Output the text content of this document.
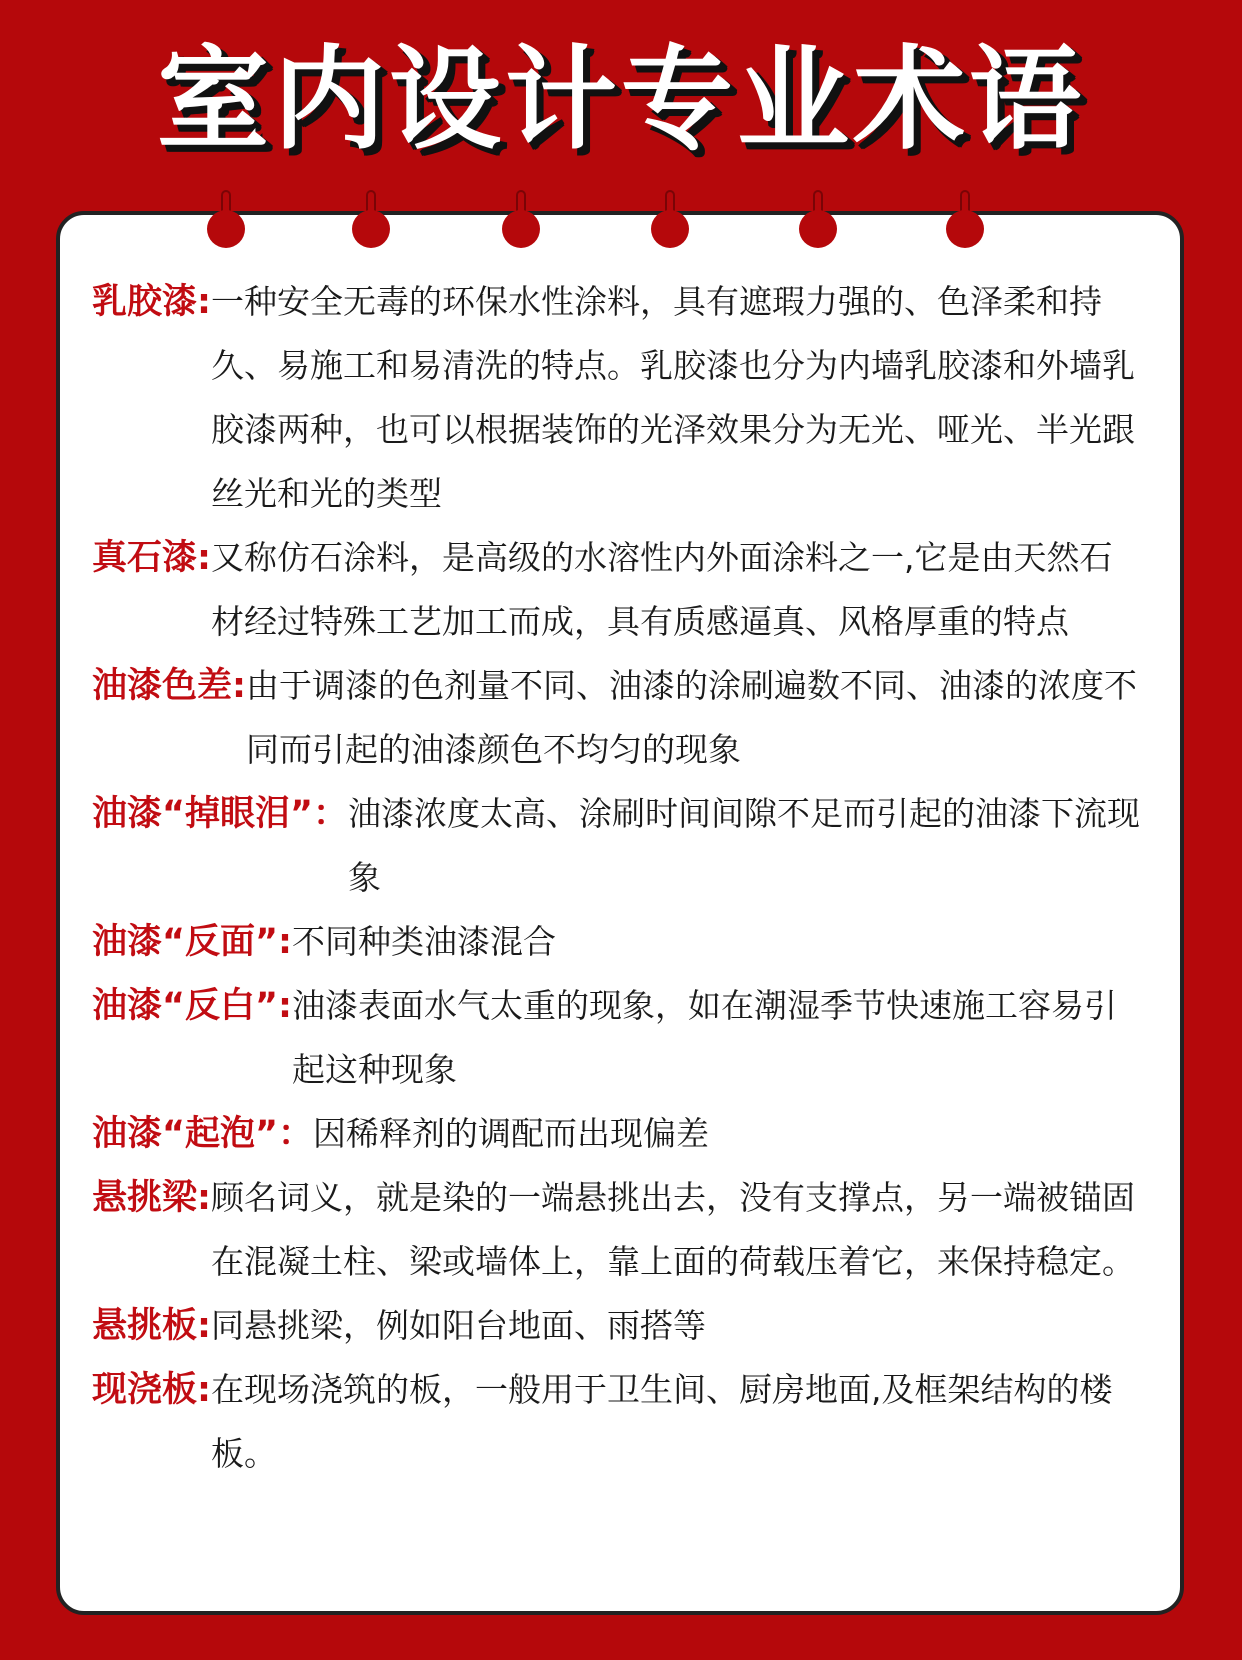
室内设计专业术语
乳胶漆: 一种安全无毒的环保水性涂料，具有遮瑕力强的、色泽柔和持久、易施工和易清洗的特点。乳胶漆也分为内墙乳胶漆和外墙乳胶漆两种，也可以根据装饰的光泽效果分为无光、哑光、半光跟丝光和光的类型
真石漆: 又称仿石涂料，是高级的水溶性内外面涂料之一,它是由天然石材经过特殊工艺加工而成，具有质感逼真、风格厚重的特点
油漆色差: 由于调漆的色剂量不同、油漆的涂刷遍数不同、油漆的浓度不同而引起的油漆颜色不均匀的现象
油漆“掉眼泪”： 油漆浓度太高、涂刷时间间隙不足而引起的油漆下流现象
油漆“反面”: 不同种类油漆混合
油漆“反白”: 油漆表面水气太重的现象，如在潮湿季节快速施工容易引起这种现象
油漆“起泡”： 因稀释剂的调配而出现偏差
悬挑梁: 顾名词义，就是染的一端悬挑出去，没有支撑点，另一端被锚固在混凝土柱、梁或墙体上，靠上面的荷载压着它，来保持稳定。
悬挑板: 同悬挑梁，例如阳台地面、雨搭等
现浇板: 在现场浇筑的板，一般用于卫生间、厨房地面,及框架结构的楼板。
